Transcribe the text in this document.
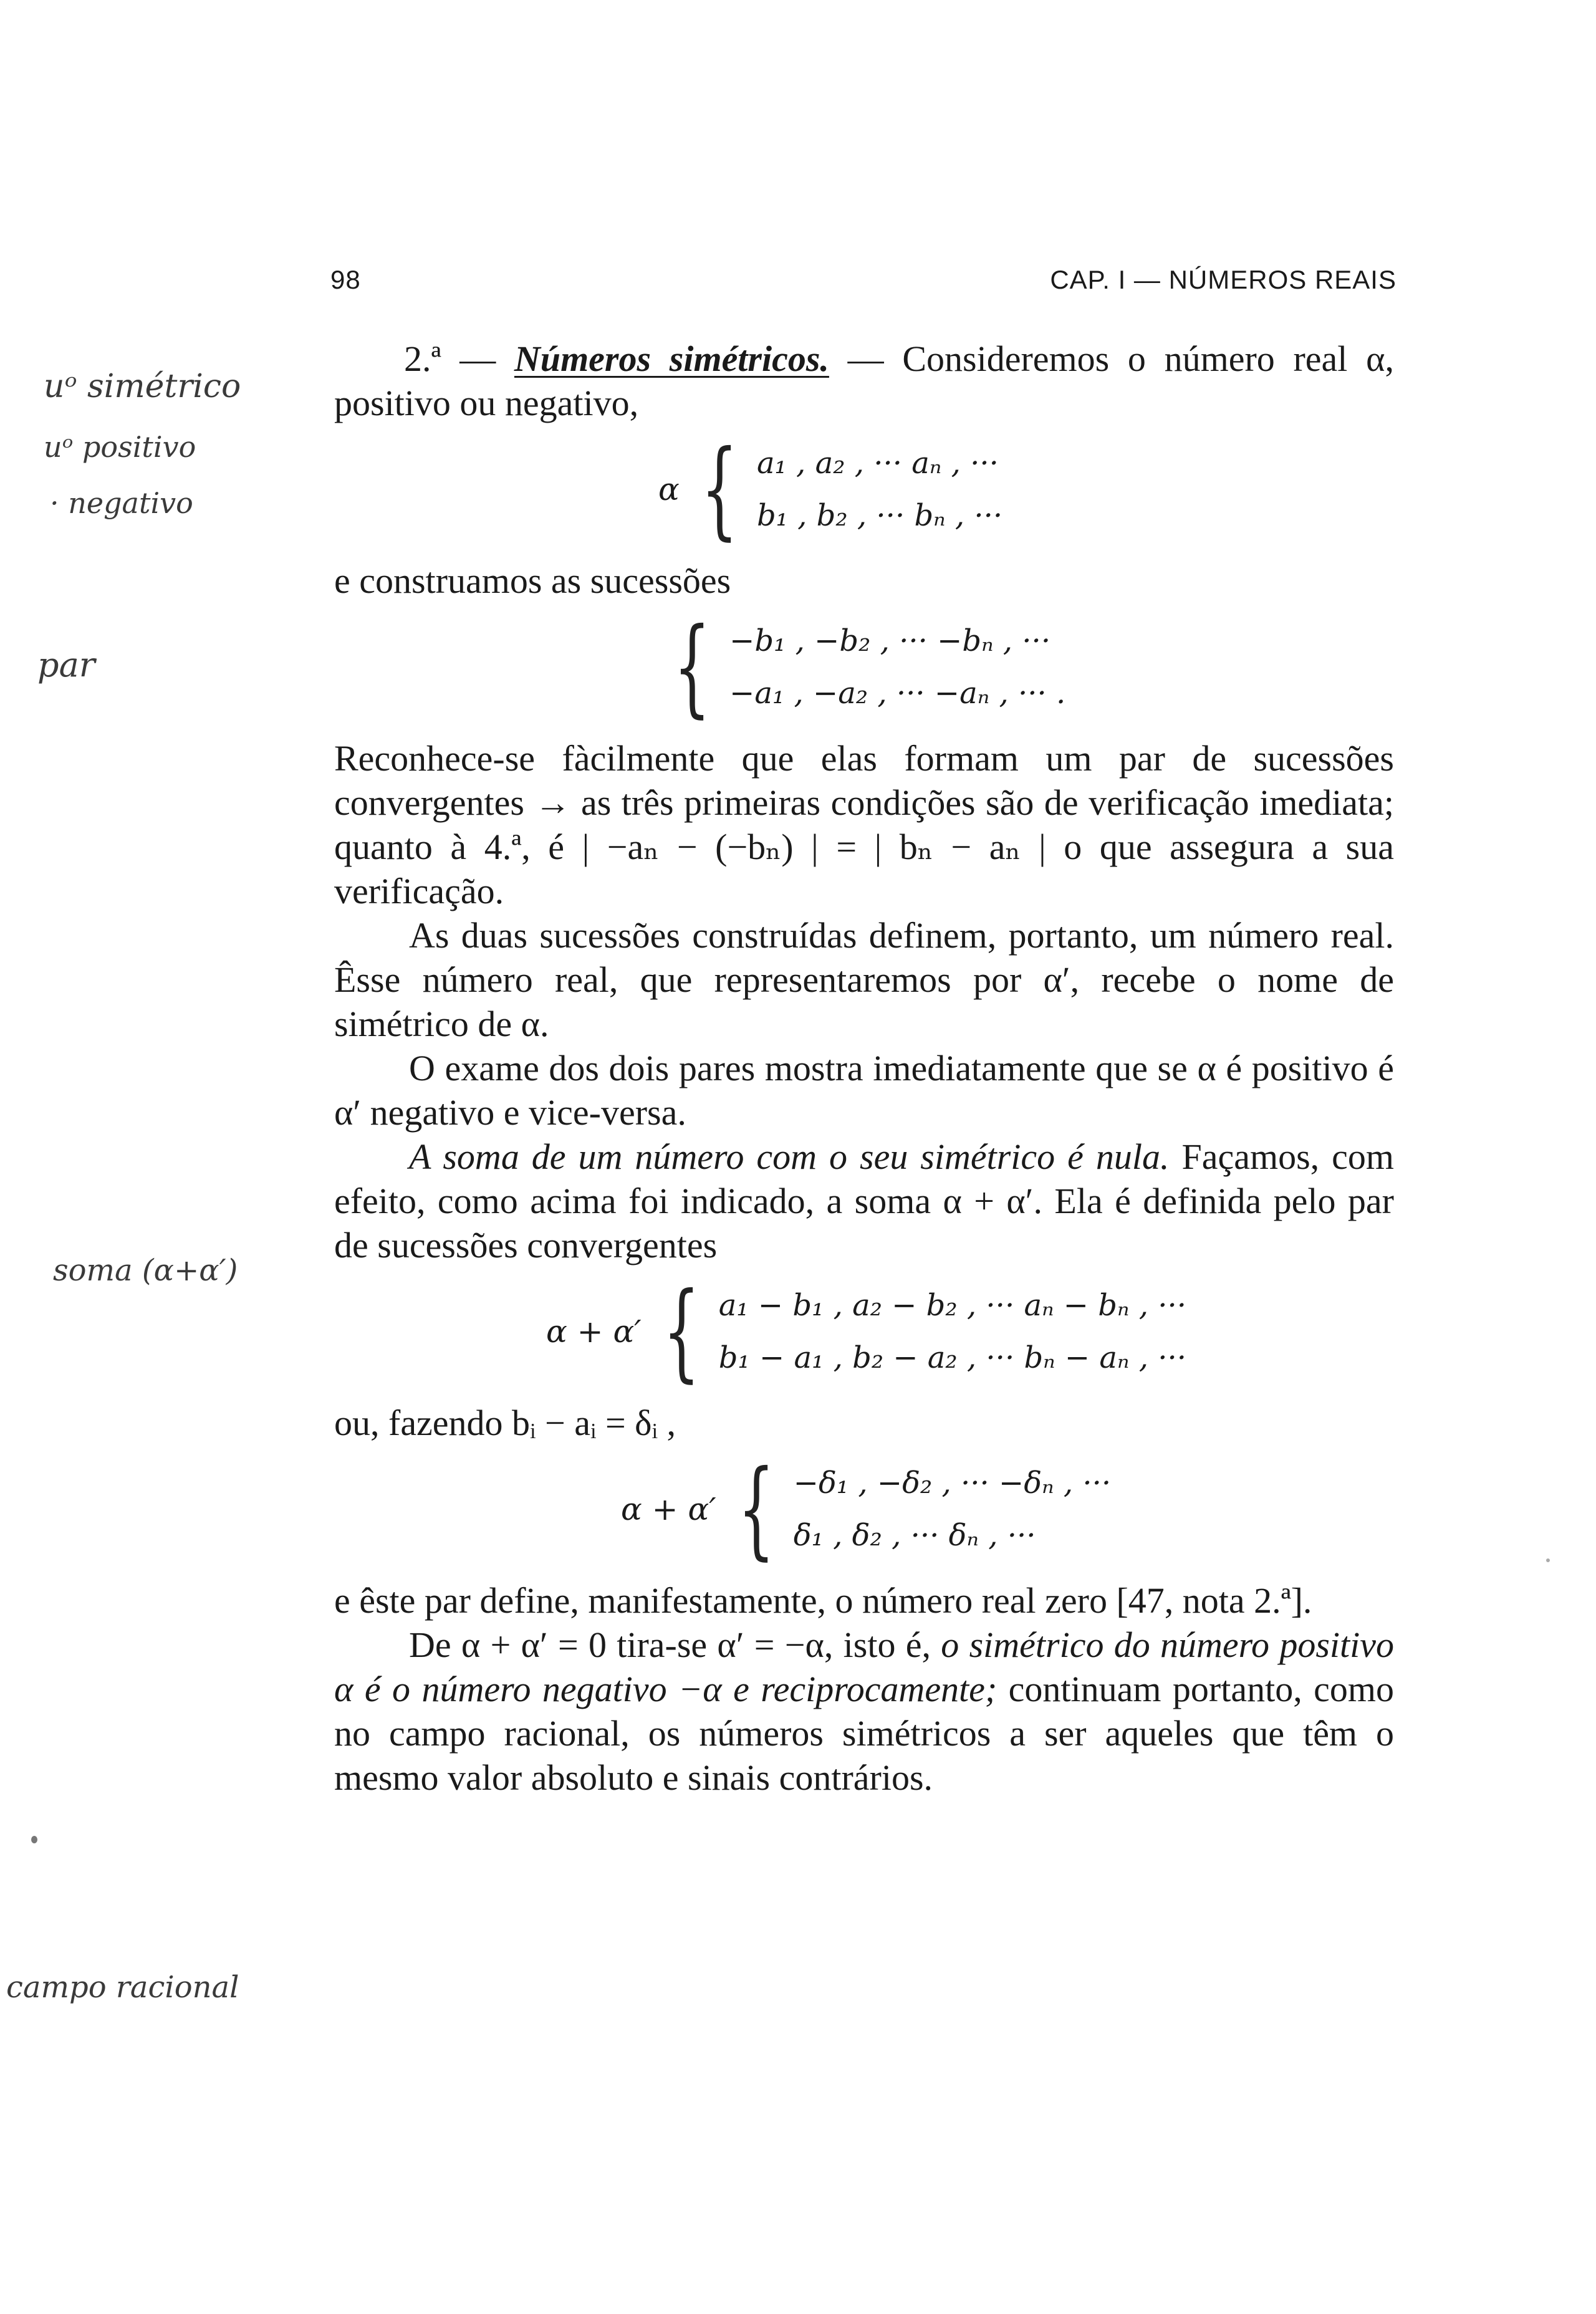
98	CAP. I — NÚMEROS REAIS
uᵒ simétrico
uᵒ positivo
· negativo
par
soma (α+α′)
campo racional

2.ª — Números simétricos. — Consideremos o número real α, positivo ou negativo,

α { a₁ , a₂ , ··· aₙ , ···
b₁ , b₂ , ··· bₙ , ···

e construamos as sucessões

{ −b₁ , −b₂ , ··· −bₙ , ···
−a₁ , −a₂ , ··· −aₙ , ··· .

Reconhece-se fàcilmente que elas formam um par de sucessões convergentes → as três primeiras condições são de verificação imediata; quanto à 4.ª, é | −aₙ − (−bₙ) | = | bₙ − aₙ | o que assegura a sua verificação.

As duas sucessões construídas definem, portanto, um número real. Êsse número real, que representaremos por α′, recebe o nome de simétrico de α.

O exame dos dois pares mostra imediatamente que se α é positivo é α′ negativo e vice-versa.

A soma de um número com o seu simétrico é nula. Façamos, com efeito, como acima foi indicado, a soma α + α′. Ela é definida pelo par de sucessões convergentes

α + α′ { a₁ − b₁ , a₂ − b₂ , ··· aₙ − bₙ , ···
b₁ − a₁ , b₂ − a₂ , ··· bₙ − aₙ , ···

ou, fazendo bᵢ − aᵢ = δᵢ ,

α + α′ { −δ₁ , −δ₂ , ··· −δₙ , ···
δ₁ , δ₂ , ··· δₙ , ···

e êste par define, manifestamente, o número real zero [47, nota 2.ª].

De α + α′ = 0 tira-se α′ = −α, isto é, o simétrico do número positivo α é o número negativo −α e reciprocamente; continuam portanto, como no campo racional, os números simétricos a ser aqueles que têm o mesmo valor absoluto e sinais contrários.
